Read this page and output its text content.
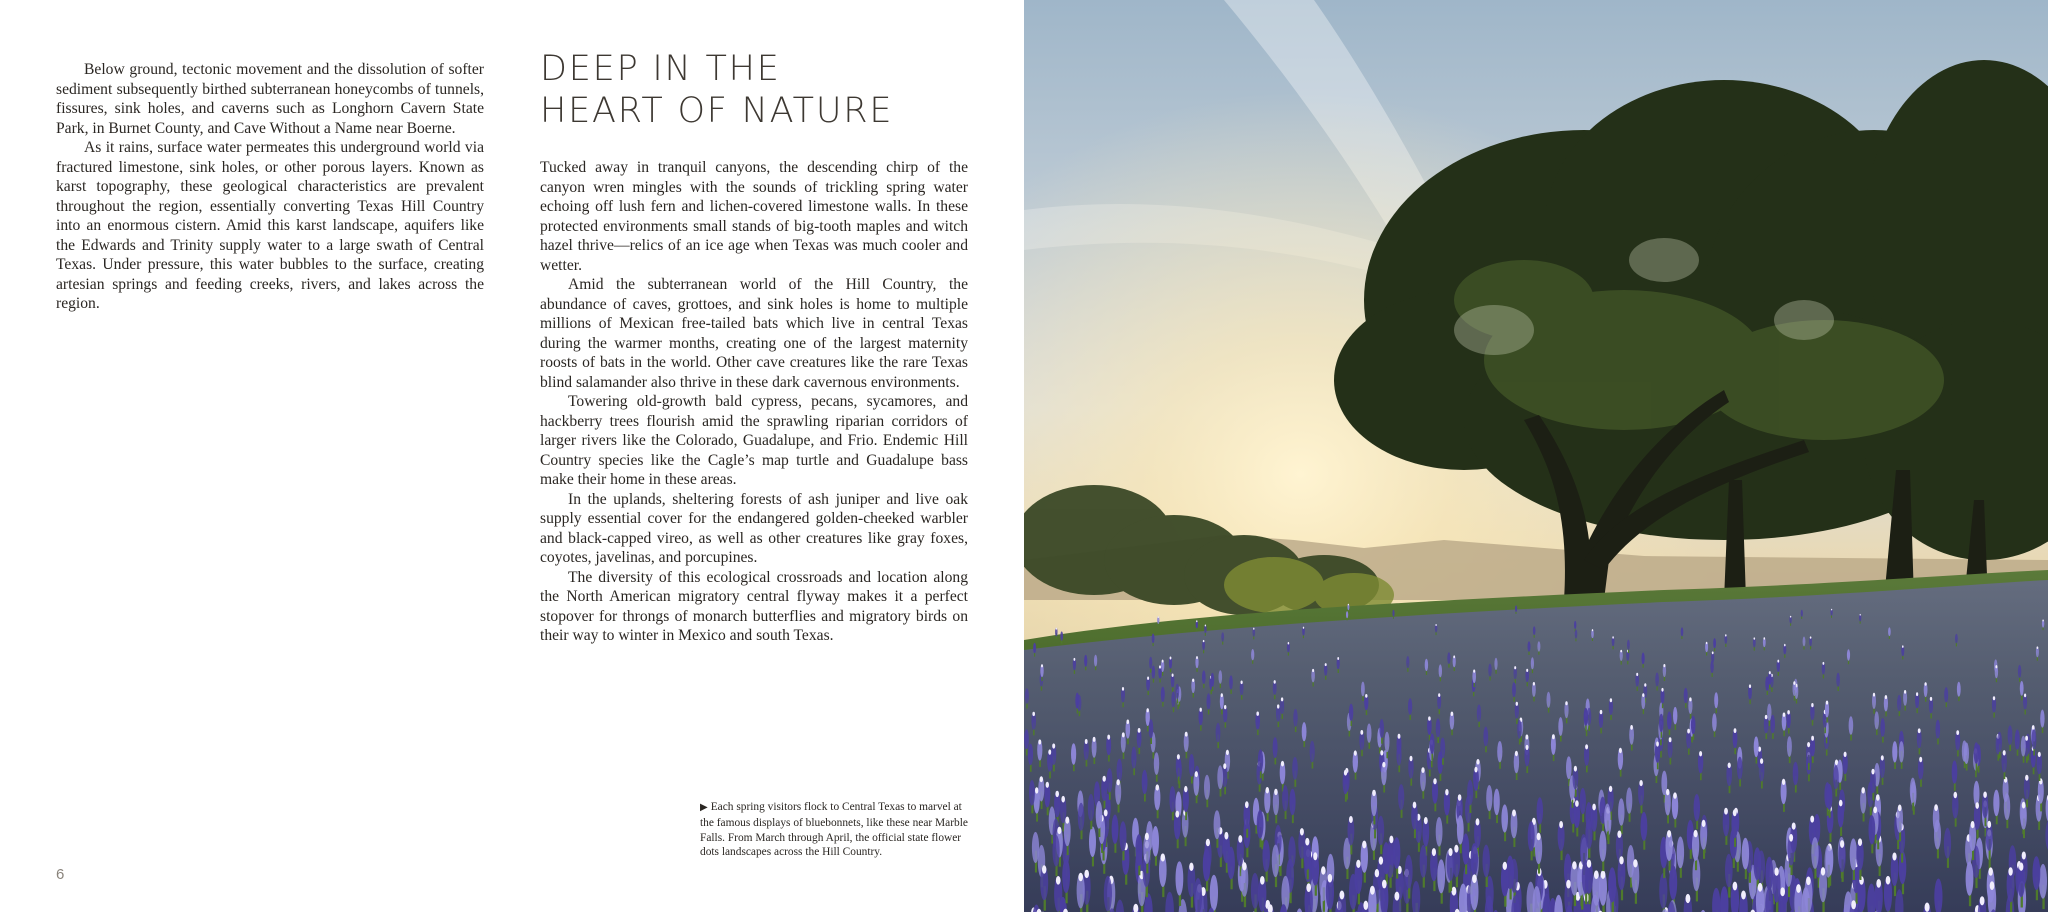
Below ground, tectonic movement and the dissolution of softer sediment subsequently birthed subterranean honeycombs of tunnels, fissures, sink holes, and caverns such as Longhorn Cavern State Park, in Burnet County, and Cave Without a Name near Boerne.

As it rains, surface water permeates this underground world via fractured limestone, sink holes, or other porous layers. Known as karst topography, these geological characteristics are prevalent throughout the region, essentially converting Texas Hill Country into an enormous cistern. Amid this karst landscape, aquifers like the Edwards and Trinity supply water to a large swath of Central Texas. Under pressure, this water bubbles to the surface, creating artesian springs and feeding creeks, rivers, and lakes across the region.

DEEP IN THE
HEART OF NATURE

Tucked away in tranquil canyons, the descending chirp of the canyon wren mingles with the sounds of trickling spring water echoing off lush fern and lichen-covered limestone walls. In these protected environments small stands of big-tooth maples and witch hazel thrive—relics of an ice age when Texas was much cooler and wetter.

Amid the subterranean world of the Hill Country, the abundance of caves, grottoes, and sink holes is home to multiple millions of Mexican free-tailed bats which live in central Texas during the warmer months, creating one of the largest maternity roosts of bats in the world. Other cave creatures like the rare Texas blind salamander also thrive in these dark cavernous environments.

Towering old-growth bald cypress, pecans, sycamores, and hackberry trees flourish amid the sprawling riparian corridors of larger rivers like the Colorado, Guadalupe, and Frio. Endemic Hill Country species like the Cagle’s map turtle and Guadalupe bass make their home in these areas.

In the uplands, sheltering forests of ash juniper and live oak supply essential cover for the endangered golden-cheeked warbler and black-capped vireo, as well as other creatures like gray foxes, coyotes, javelinas, and porcupines.

The diversity of this ecological crossroads and location along the North American migratory central flyway makes it a perfect stopover for throngs of monarch butterflies and migratory birds on their way to winter in Mexico and south Texas.

▶ Each spring visitors flock to Central Texas to marvel at the famous displays of bluebonnets, like these near Marble Falls. From March through April, the official state flower dots landscapes across the Hill Country.
6
